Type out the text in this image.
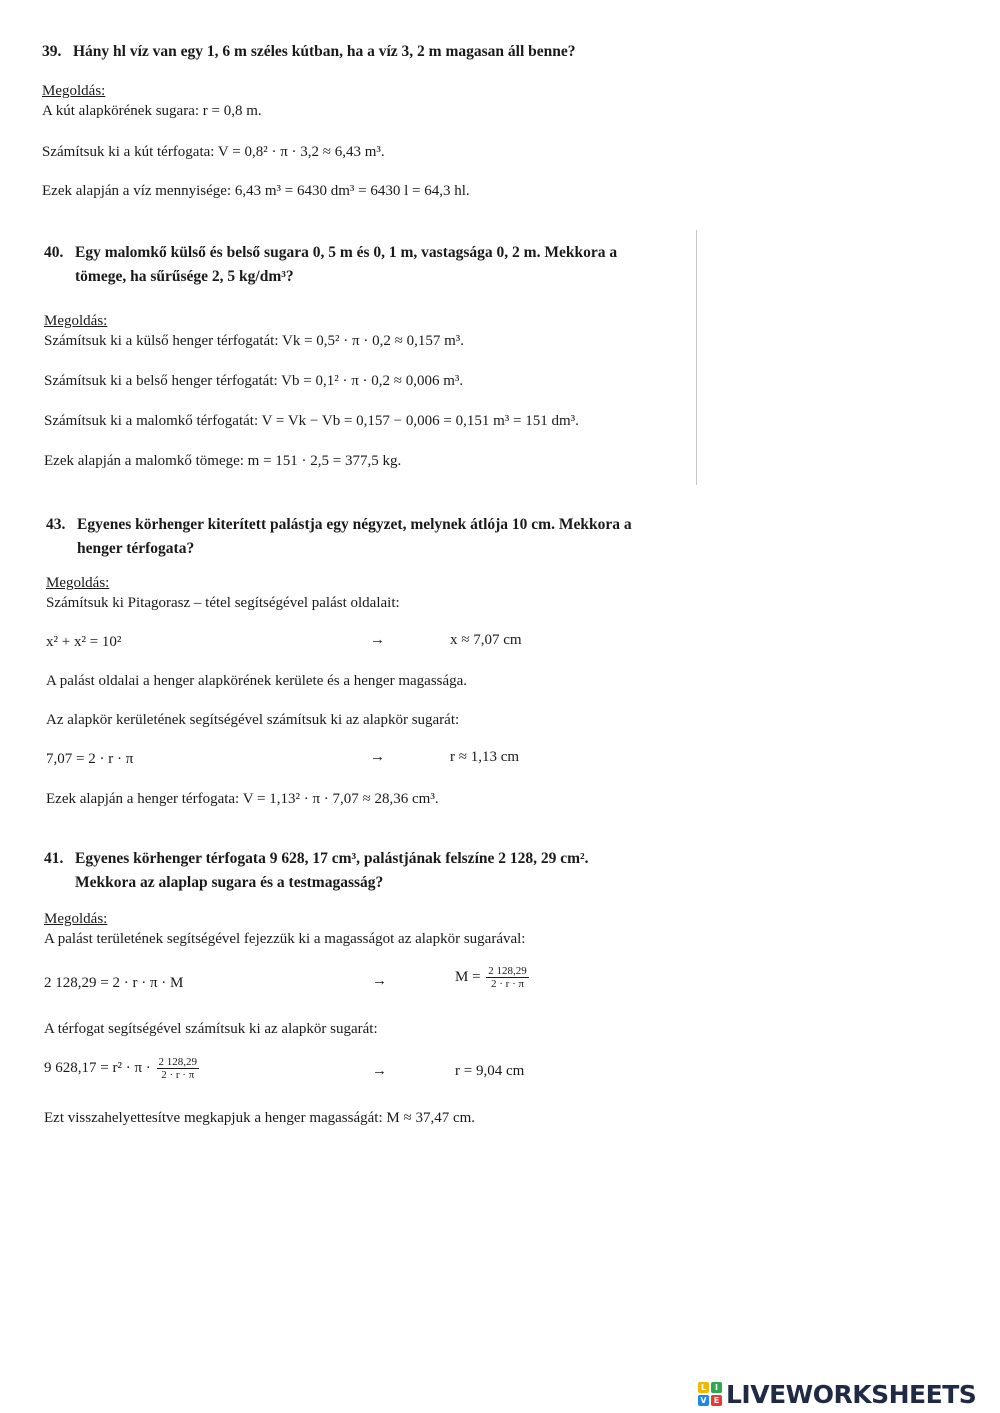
39. Hány hl víz van egy 1, 6 m széles kútban, ha a víz 3, 2 m magasan áll benne?
Megoldás:
A kút alapkörének sugara: r = 0,8 m.
Számítsuk ki a kút térfogata: V = 0,8² · π · 3,2 ≈ 6,43 m³.
Ezek alapján a víz mennyisége: 6,43 m³ = 6430 dm³ = 6430 l = 64,3 hl.
40. Egy malomkő külső és belső sugara 0, 5 m és 0, 1 m, vastagsága 0, 2 m. Mekkora a
tömege, ha sűrűsége 2, 5 kg/dm³?
Megoldás:
Számítsuk ki a külső henger térfogatát: Vk = 0,5² · π · 0,2 ≈ 0,157 m³.
Számítsuk ki a belső henger térfogatát: Vb = 0,1² · π · 0,2 ≈ 0,006 m³.
Számítsuk ki a malomkő térfogatát: V = Vk − Vb = 0,157 − 0,006 = 0,151 m³ = 151 dm³.
Ezek alapján a malomkő tömege: m = 151 · 2,5 = 377,5 kg.
43. Egyenes körhenger kiterített palástja egy négyzet, melynek átlója 10 cm. Mekkora a
henger térfogata?
Megoldás:
Számítsuk ki Pitagorasz – tétel segítségével palást oldalait:
x² + x² = 10²	→	x ≈ 7,07 cm
A palást oldalai a henger alapkörének kerülete és a henger magassága.
Az alapkör kerületének segítségével számítsuk ki az alapkör sugarát:
7,07 = 2 · r · π	→	r ≈ 1,13 cm
Ezek alapján a henger térfogata: V = 1,13² · π · 7,07 ≈ 28,36 cm³.
41. Egyenes körhenger térfogata 9 628, 17 cm³, palástjának felszíne 2 128, 29 cm².
Mekkora az alaplap sugara és a testmagasság?
Megoldás:
A palást területének segítségével fejezzük ki a magasságot az alapkör sugarával:
2 128,29 = 2 · r · π · M	→	$M = \frac{2 128,29}{2 \cdot r \cdot \pi}$
A térfogat segítségével számítsuk ki az alapkör sugarát:
9 $628,17 = r^2 \cdot \pi \cdot \frac{2 128,29}{2 \cdot r \cdot \pi}$	→	r = 9,04 cm
Ezt visszahelyettesítve megkapjuk a henger magasságát: M ≈ 37,47 cm.
L	I
V E LIVEWORKSHEETS
